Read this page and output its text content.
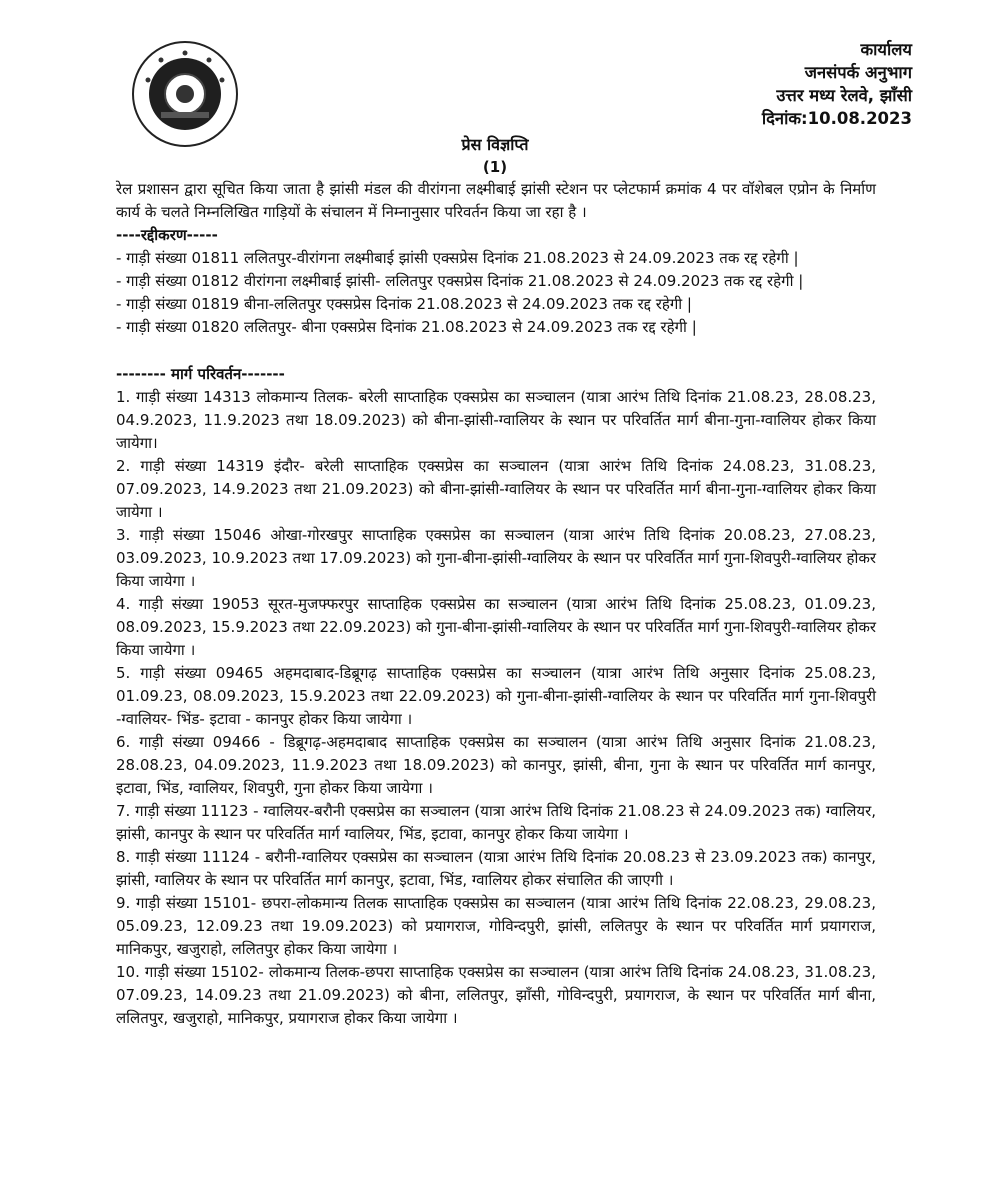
कार्यालय
जनसंपर्क अनुभाग
उत्तर मध्य रेलवे, झाँसी
दिनांक:10.08.2023
प्रेस विज्ञप्ति
(1)

रेल प्रशासन द्वारा सूचित किया जाता है झांसी मंडल की वीरांगना लक्ष्मीबाई झांसी स्टेशन पर प्लेटफार्म क्रमांक 4 पर वॉशेबल एप्रोन के निर्माण कार्य के चलते निम्नलिखित गाड़ियों के संचालन में निम्नानुसार परिवर्तन किया जा रहा है ।

----रद्दीकरण-----

- गाड़ी संख्या 01811 ललितपुर-वीरांगना लक्ष्मीबाई झांसी एक्सप्रेस दिनांक 21.08.2023 से 24.09.2023 तक रद्द रहेगी |

- गाड़ी संख्या 01812 वीरांगना लक्ष्मीबाई झांसी- ललितपुर एक्सप्रेस दिनांक 21.08.2023 से 24.09.2023 तक रद्द रहेगी |

- गाड़ी संख्या 01819 बीना-ललितपुर एक्सप्रेस दिनांक 21.08.2023 से 24.09.2023 तक रद्द रहेगी |

- गाड़ी संख्या 01820 ललितपुर- बीना एक्सप्रेस दिनांक 21.08.2023 से 24.09.2023 तक रद्द रहेगी |

-------- मार्ग परिवर्तन-------

1. गाड़ी संख्या 14313 लोकमान्य तिलक- बरेली साप्ताहिक एक्सप्रेस का सञ्चालन (यात्रा आरंभ तिथि दिनांक 21.08.23, 28.08.23, 04.9.2023, 11.9.2023 तथा 18.09.2023) को बीना-झांसी-ग्वालियर के स्थान पर परिवर्तित मार्ग बीना-गुना-ग्वालियर होकर किया जायेगा।

2. गाड़ी संख्या 14319 इंदौर- बरेली साप्ताहिक एक्सप्रेस का सञ्चालन (यात्रा आरंभ तिथि दिनांक 24.08.23, 31.08.23, 07.09.2023, 14.9.2023 तथा 21.09.2023) को बीना-झांसी-ग्वालियर के स्थान पर परिवर्तित मार्ग बीना-गुना-ग्वालियर होकर किया जायेगा ।

3. गाड़ी संख्या 15046 ओखा-गोरखपुर साप्ताहिक एक्सप्रेस का सञ्चालन (यात्रा आरंभ तिथि दिनांक 20.08.23, 27.08.23, 03.09.2023, 10.9.2023 तथा 17.09.2023) को गुना-बीना-झांसी-ग्वालियर के स्थान पर परिवर्तित मार्ग गुना-शिवपुरी-ग्वालियर होकर किया जायेगा ।

4. गाड़ी संख्या 19053 सूरत-मुजफ्फरपुर साप्ताहिक एक्सप्रेस का सञ्चालन (यात्रा आरंभ तिथि दिनांक 25.08.23, 01.09.23, 08.09.2023, 15.9.2023 तथा 22.09.2023) को गुना-बीना-झांसी-ग्वालियर के स्थान पर परिवर्तित मार्ग गुना-शिवपुरी-ग्वालियर होकर किया जायेगा ।

5. गाड़ी संख्या 09465 अहमदाबाद-डिब्रूगढ़ साप्ताहिक एक्सप्रेस का सञ्चालन (यात्रा आरंभ तिथि अनुसार दिनांक 25.08.23, 01.09.23, 08.09.2023, 15.9.2023 तथा 22.09.2023) को गुना-बीना-झांसी-ग्वालियर के स्थान पर परिवर्तित मार्ग गुना-शिवपुरी -ग्वालियर- भिंड- इटावा - कानपुर होकर किया जायेगा ।

6. गाड़ी संख्या 09466 - डिब्रूगढ़-अहमदाबाद साप्ताहिक एक्सप्रेस का सञ्चालन (यात्रा आरंभ तिथि अनुसार दिनांक 21.08.23, 28.08.23, 04.09.2023, 11.9.2023 तथा 18.09.2023) को कानपुर, झांसी, बीना, गुना के स्थान पर परिवर्तित मार्ग कानपुर, इटावा, भिंड, ग्वालियर, शिवपुरी, गुना होकर किया जायेगा ।

7. गाड़ी संख्या 11123 - ग्वालियर-बरौनी एक्सप्रेस का सञ्चालन (यात्रा आरंभ तिथि दिनांक 21.08.23 से 24.09.2023 तक) ग्वालियर, झांसी, कानपुर के स्थान पर परिवर्तित मार्ग ग्वालियर, भिंड, इटावा, कानपुर होकर किया जायेगा ।

8. गाड़ी संख्या 11124 - बरौनी-ग्वालियर एक्सप्रेस का सञ्चालन (यात्रा आरंभ तिथि दिनांक 20.08.23 से 23.09.2023 तक) कानपुर, झांसी, ग्वालियर के स्थान पर परिवर्तित मार्ग कानपुर, इटावा, भिंड, ग्वालियर होकर संचालित की जाएगी ।

9. गाड़ी संख्या 15101- छपरा-लोकमान्य तिलक साप्ताहिक एक्सप्रेस का सञ्चालन (यात्रा आरंभ तिथि दिनांक 22.08.23, 29.08.23, 05.09.23, 12.09.23 तथा 19.09.2023) को प्रयागराज, गोविन्दपुरी, झांसी, ललितपुर के स्थान पर परिवर्तित मार्ग प्रयागराज, मानिकपुर, खजुराहो, ललितपुर होकर किया जायेगा ।

10. गाड़ी संख्या 15102- लोकमान्य तिलक-छपरा साप्ताहिक एक्सप्रेस का सञ्चालन (यात्रा आरंभ तिथि दिनांक 24.08.23, 31.08.23, 07.09.23, 14.09.23 तथा 21.09.2023) को बीना, ललितपुर, झाँसी, गोविन्दपुरी, प्रयागराज, के स्थान पर परिवर्तित मार्ग बीना, ललितपुर, खजुराहो, मानिकपुर, प्रयागराज होकर किया जायेगा ।
